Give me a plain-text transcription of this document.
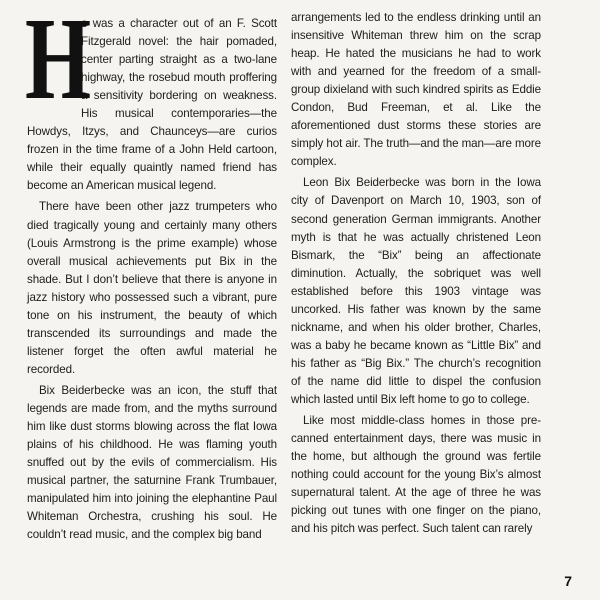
H

e was a character out of an F. Scott Fitzgerald novel: the hair pomaded, center parting straight as a two-lane highway, the rosebud mouth proffering a sensitivity bordering on weakness. His musical contemporaries—the Howdys, Itzys, and Chaunceys—are curios frozen in the time frame of a John Held cartoon, while their equally quaintly named friend has become an American musical legend.

There have been other jazz trumpeters who died tragically young and certainly many others (Louis Armstrong is the prime example) whose overall musical achievements put Bix in the shade. But I don’t believe that there is anyone in jazz history who possessed such a vibrant, pure tone on his instrument, the beauty of which transcended its surroundings and made the listener forget the often awful material he recorded.

Bix Beiderbecke was an icon, the stuff that legends are made from, and the myths surround him like dust storms blowing across the flat Iowa plains of his childhood. He was flaming youth snuffed out by the evils of commercialism. His musical partner, the saturnine Frank Trumbauer, manipulated him into joining the elephantine Paul Whiteman Orchestra, crushing his soul. He couldn’t read music, and the complex big band

arrangements led to the endless drinking until an insensitive Whiteman threw him on the scrap heap. He hated the musicians he had to work with and yearned for the freedom of a small-group dixieland with such kindred spirits as Eddie Condon, Bud Freeman, et al. Like the aforementioned dust storms these stories are simply hot air. The truth—and the man—are more complex.

Leon Bix Beiderbecke was born in the Iowa city of Davenport on March 10, 1903, son of second generation German immigrants. Another myth is that he was actually christened Leon Bismark, the “Bix” being an affectionate diminution. Actually, the sobriquet was well established before this 1903 vintage was uncorked. His father was known by the same nickname, and when his older brother, Charles, was a baby he became known as “Little Bix” and his father as “Big Bix.” The church’s recognition of the name did little to dispel the confusion which lasted until Bix left home to go to college.

Like most middle-class homes in those pre-canned entertainment days, there was music in the home, but although the ground was fertile nothing could account for the young Bix’s almost supernatural talent. At the age of three he was picking out tunes with one finger on the piano, and his pitch was perfect. Such talent can rarely

7
